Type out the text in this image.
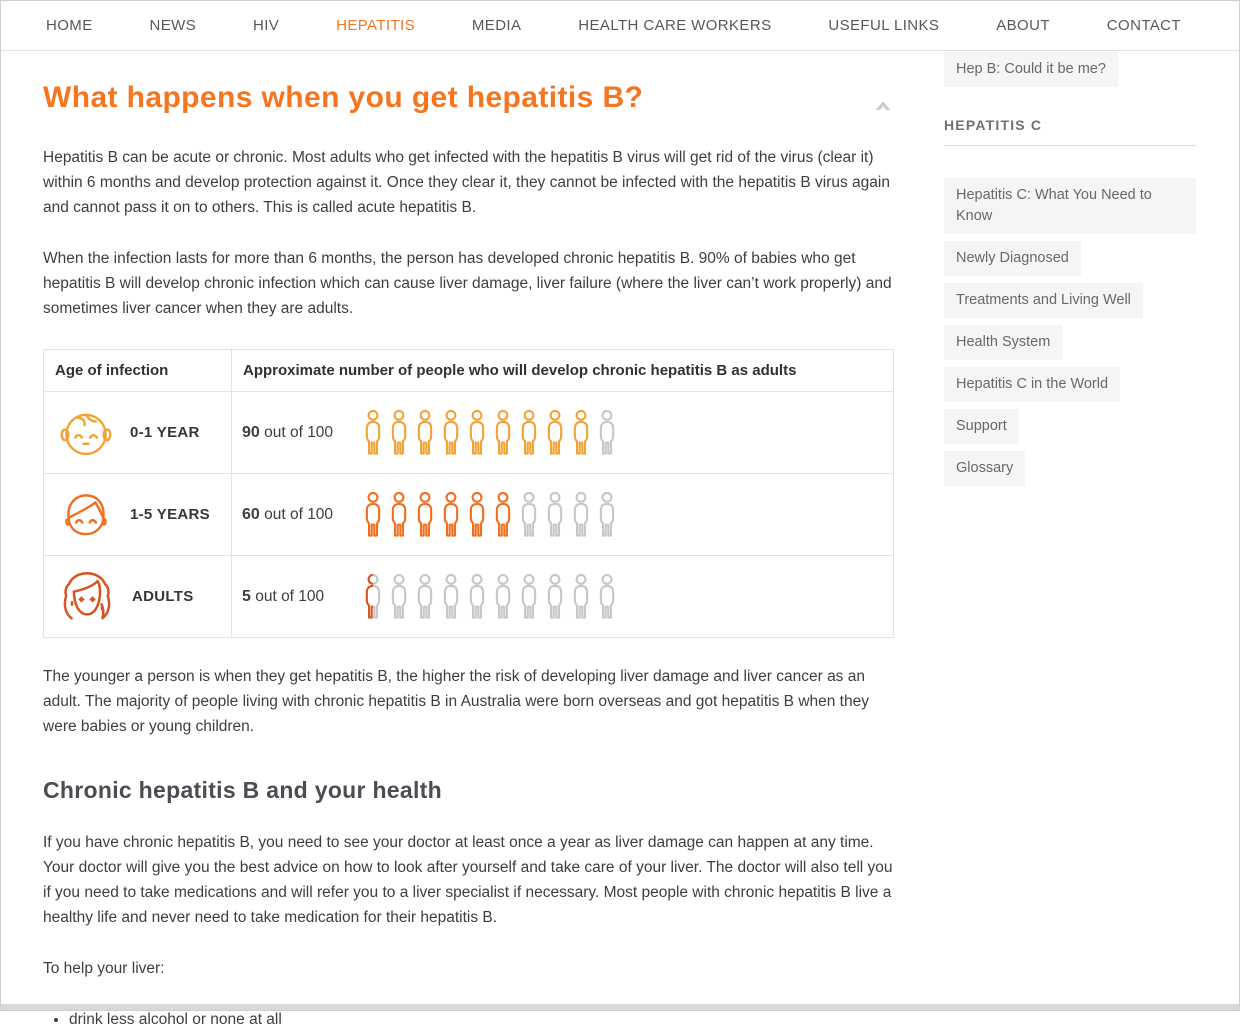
HOME	NEWS	HIV	HEPATITIS	MEDIA	HEALTH CARE WORKERS	USEFUL LINKS	ABOUT	CONTACT
What happens when you get hepatitis B?

Hepatitis B can be acute or chronic. Most adults who get infected with the hepatitis B virus will get rid of the virus (clear it) within 6 months and develop protection against it. Once they clear it, they cannot be infected with the hepatitis B virus again and cannot pass it on to others. This is called acute hepatitis B.

When the infection lasts for more than 6 months, the person has developed chronic hepatitis B. 90% of babies who get hepatitis B will develop chronic infection which can cause liver damage, liver failure (where the liver can’t work properly) and sometimes liver cancer when they are adults.

Age of infection	Approximate number of people who will develop chronic hepatitis B as adults

0-1 YEAR	90 out of 100

1-5 YEARS	60 out of 100

ADULTS	5 out of 100

The younger a person is when they get hepatitis B, the higher the risk of developing liver damage and liver cancer as an adult. The majority of people living with chronic hepatitis B in Australia were born overseas and got hepatitis B when they were babies or young children.

Chronic hepatitis B and your health

If you have chronic hepatitis B, you need to see your doctor at least once a year as liver damage can happen at any time. Your doctor will give you the best advice on how to look after yourself and take care of your liver. The doctor will also tell you if you need to take medications and will refer you to a liver specialist if necessary. Most people with chronic hepatitis B live a healthy life and never need to take medication for their hepatitis B.

To help your liver:

• drink less alcohol or none at all
Hep B: Could it be me?
HEPATITIS C
Hepatitis C: What You Need to Know
Newly Diagnosed
Treatments and Living Well
Health System
Hepatitis C in the World
Support
Glossary
